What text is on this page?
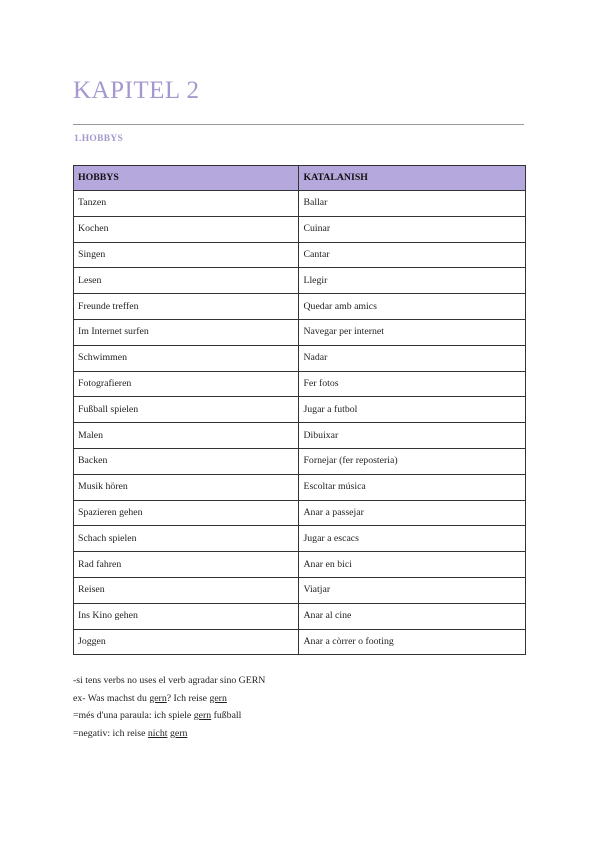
KAPITEL 2
1.HOBBYS
HOBBYS	KATALANISH
Tanzen	Ballar
Kochen	Cuinar
Singen	Cantar
Lesen	Llegir
Freunde treffen	Quedar amb amics
Im Internet surfen	Navegar per internet
Schwimmen	Nadar
Fotografieren	Fer fotos
Fußball spielen	Jugar a futbol
Malen	Dibuixar
Backen	Fornejar (fer reposteria)
Musik hören	Escoltar música
Spazieren gehen	Anar a passejar
Schach spielen	Jugar a escacs
Rad fahren	Anar en bici
Reisen	Viatjar
Ins Kino gehen	Anar al cine
Joggen	Anar a còrrer o footing
-si tens verbs no uses el verb agradar sino GERN
ex- Was machst du gern? Ich reise gern
=més d'una paraula: ich spiele gern fußball
=negativ: ich reise nicht gern
